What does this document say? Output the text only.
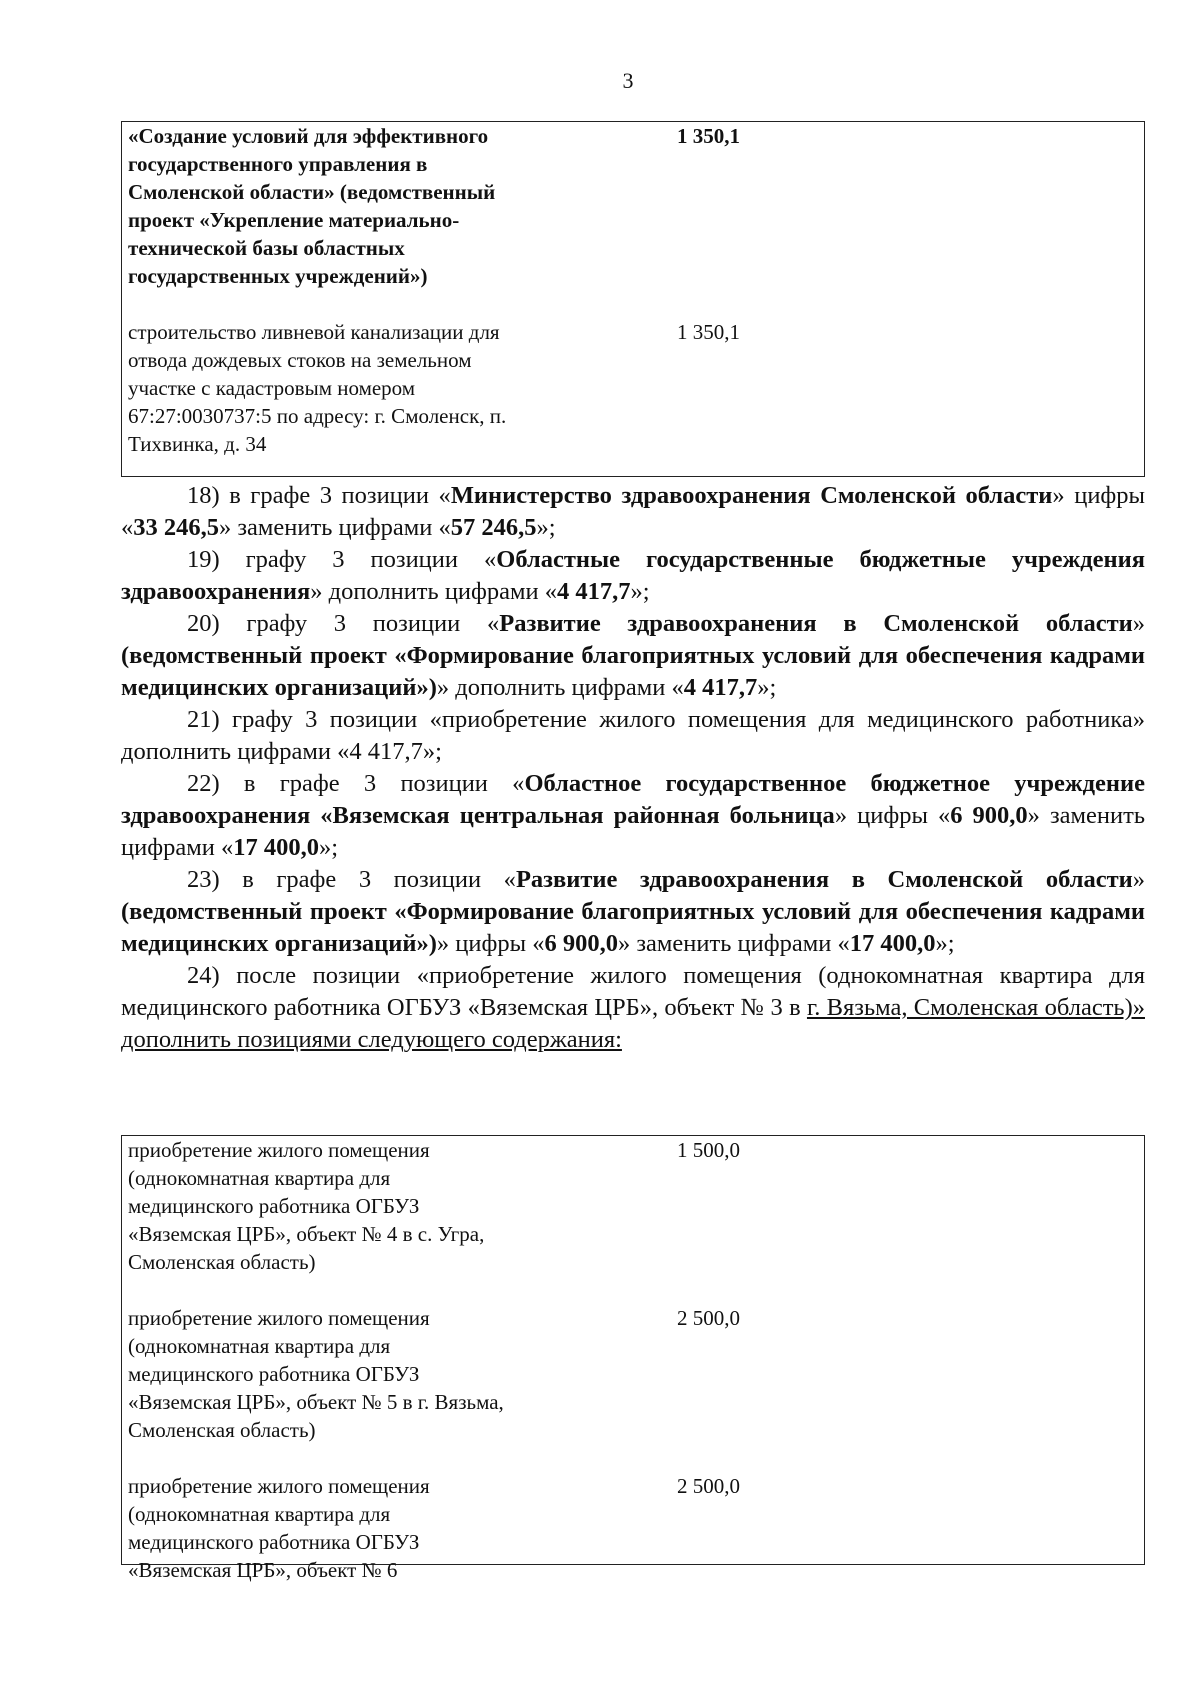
3
«Создание условий для эффективного государственного управления в Смоленской области» (ведомственный проект «Укрепление материально-технической базы областных государственных учреждений»)
1 350,1
строительство ливневой канализации для отвода дождевых стоков на земельном участке с кадастровым номером 67:27:0030737:5 по адресу: г. Смоленск, п. Тихвинка, д. 34
1 350,1

18) в графе 3 позиции «Министерство здравоохранения Смоленской области» цифры «33 246,5» заменить цифрами «57 246,5»;

19) графу 3 позиции «Областные государственные бюджетные учреждения здравоохранения» дополнить цифрами «4 417,7»;

20) графу 3 позиции «Развитие здравоохранения в Смоленской области» (ведомственный проект «Формирование благоприятных условий для обеспечения кадрами медицинских организаций»)» дополнить цифрами «4 417,7»;

21) графу 3 позиции «приобретение жилого помещения для медицинского работника» дополнить цифрами «4 417,7»;

22) в графе 3 позиции «Областное государственное бюджетное учреждение здравоохранения «Вяземская центральная районная больница» цифры «6 900,0» заменить цифрами «17 400,0»;

23) в графе 3 позиции «Развитие здравоохранения в Смоленской области» (ведомственный проект «Формирование благоприятных условий для обеспечения кадрами медицинских организаций»)» цифры «6 900,0» заменить цифрами «17 400,0»;

24) после позиции «приобретение жилого помещения (однокомнатная квартира для медицинского работника ОГБУЗ «Вяземская ЦРБ», объект № 3 в г. Вязьма, Смоленская область)» дополнить позициями следующего содержания:

приобретение жилого помещения (однокомнатная квартира для медицинского работника ОГБУЗ «Вяземская ЦРБ», объект № 4 в с. Угра, Смоленская область)
1 500,0
приобретение жилого помещения (однокомнатная квартира для медицинского работника ОГБУЗ «Вяземская ЦРБ», объект № 5 в г. Вязьма, Смоленская область)
2 500,0
приобретение жилого помещения (однокомнатная квартира для медицинского работника ОГБУЗ «Вяземская ЦРБ», объект № 6
2 500,0
